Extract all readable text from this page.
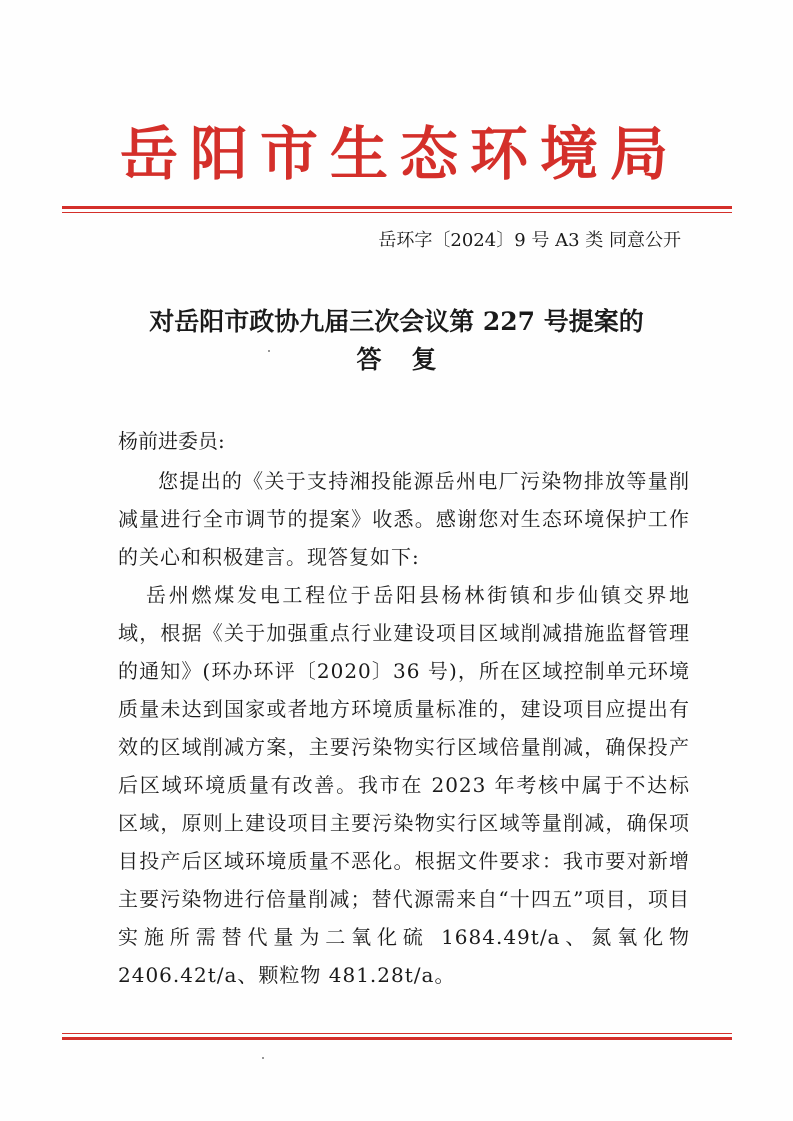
岳阳市生态环境局
岳环字〔2024〕9 号 A3 类 同意公开
对岳阳市政协九届三次会议第 227 号提案的
答复
杨前进委员:
您提出的《关于支持湘投能源岳州电厂污染物排放等量削减量进行全市调节的提案》收悉。感谢您对生态环境保护工作的关心和积极建言。现答复如下:
岳州燃煤发电工程位于岳阳县杨林街镇和步仙镇交界地域，根据《关于加强重点行业建设项目区域削减措施监督管理的通知》(环办环评〔2020〕36 号)，所在区域控制单元环境质量未达到国家或者地方环境质量标准的，建设项目应提出有效的区域削减方案，主要污染物实行区域倍量削减，确保投产后区域环境质量有改善。我市在 2023 年考核中属于不达标区域，原则上建设项目主要污染物实行区域等量削减，确保项目投产后区域环境质量不恶化。根据文件要求：我市要对新增主要污染物进行倍量削减；替代源需来自“十四五”项目，项目实施所需替代量为二氧化硫 1684.49t/a、氮氧化物 2406.42t/a、颗粒物 481.28t/a。
